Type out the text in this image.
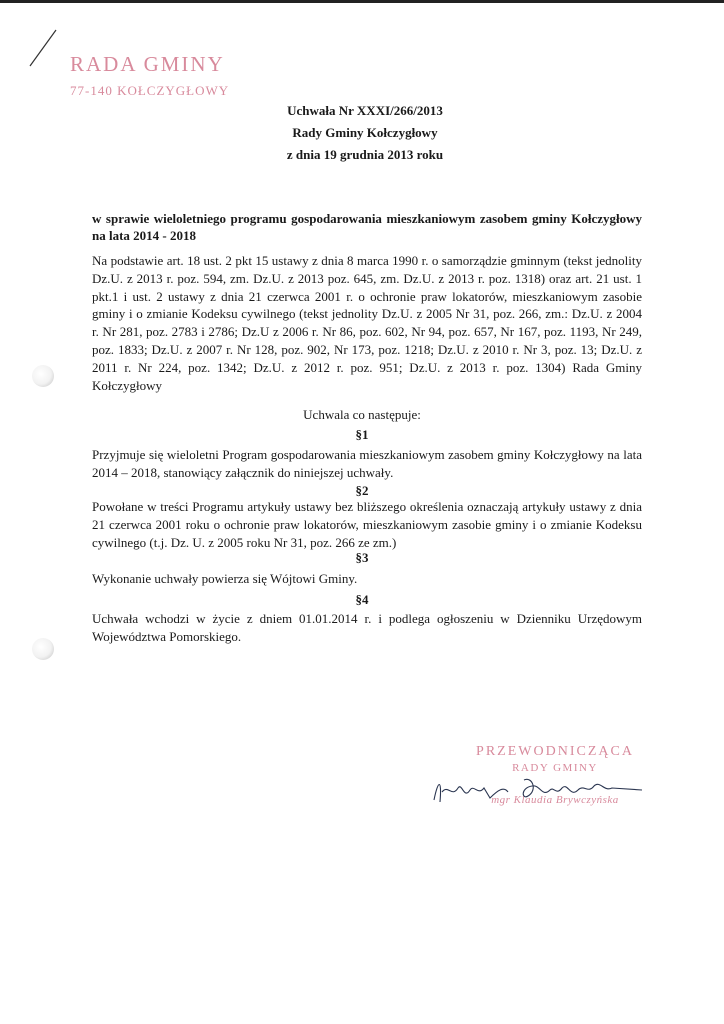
RADA GMINY
77-140 KOŁCZYGŁOWY
Uchwała Nr XXXI/266/2013
Rady Gminy Kołczygłowy
z dnia 19 grudnia 2013 roku
w sprawie wieloletniego programu gospodarowania mieszkaniowym zasobem gminy Kołczygłowy na lata 2014 - 2018
Na podstawie art. 18 ust. 2 pkt 15 ustawy z dnia 8 marca 1990 r. o samorządzie gminnym (tekst jednolity Dz.U. z 2013 r. poz. 594, zm. Dz.U. z 2013 poz. 645, zm. Dz.U. z 2013 r. poz. 1318) oraz art. 21 ust. 1 pkt.1 i ust. 2 ustawy z dnia 21 czerwca 2001 r. o ochronie praw lokatorów, mieszkaniowym zasobie gminy i o zmianie Kodeksu cywilnego (tekst jednolity Dz.U. z 2005 Nr 31, poz. 266, zm.: Dz.U. z 2004 r. Nr 281, poz. 2783 i 2786; Dz.U z 2006 r. Nr 86, poz. 602, Nr 94, poz. 657, Nr 167, poz. 1193, Nr 249, poz. 1833; Dz.U. z 2007 r. Nr 128, poz. 902, Nr 173, poz. 1218; Dz.U. z 2010 r. Nr 3, poz. 13; Dz.U. z 2011 r. Nr 224, poz. 1342; Dz.U. z 2012 r. poz. 951; Dz.U. z 2013 r. poz. 1304) Rada Gminy Kołczygłowy
Uchwala co następuje:
§1
Przyjmuje się wieloletni Program gospodarowania mieszkaniowym zasobem gminy Kołczygłowy na lata 2014 – 2018, stanowiący załącznik do niniejszej uchwały.
§2
Powołane w treści Programu artykuły ustawy bez bliższego określenia oznaczają artykuły ustawy z dnia 21 czerwca 2001 roku o ochronie praw lokatorów, mieszkaniowym zasobie gminy i o zmianie Kodeksu cywilnego (t.j. Dz. U. z 2005 roku Nr 31, poz. 266 ze zm.)
§3
Wykonanie uchwały powierza się Wójtowi Gminy.
§4
Uchwała wchodzi w życie z dniem 01.01.2014 r. i podlega ogłoszeniu w Dzienniku Urzędowym Województwa Pomorskiego.
PRZEWODNICZĄCA
RADY GMINY
mgr Klaudia Brywczyńska
